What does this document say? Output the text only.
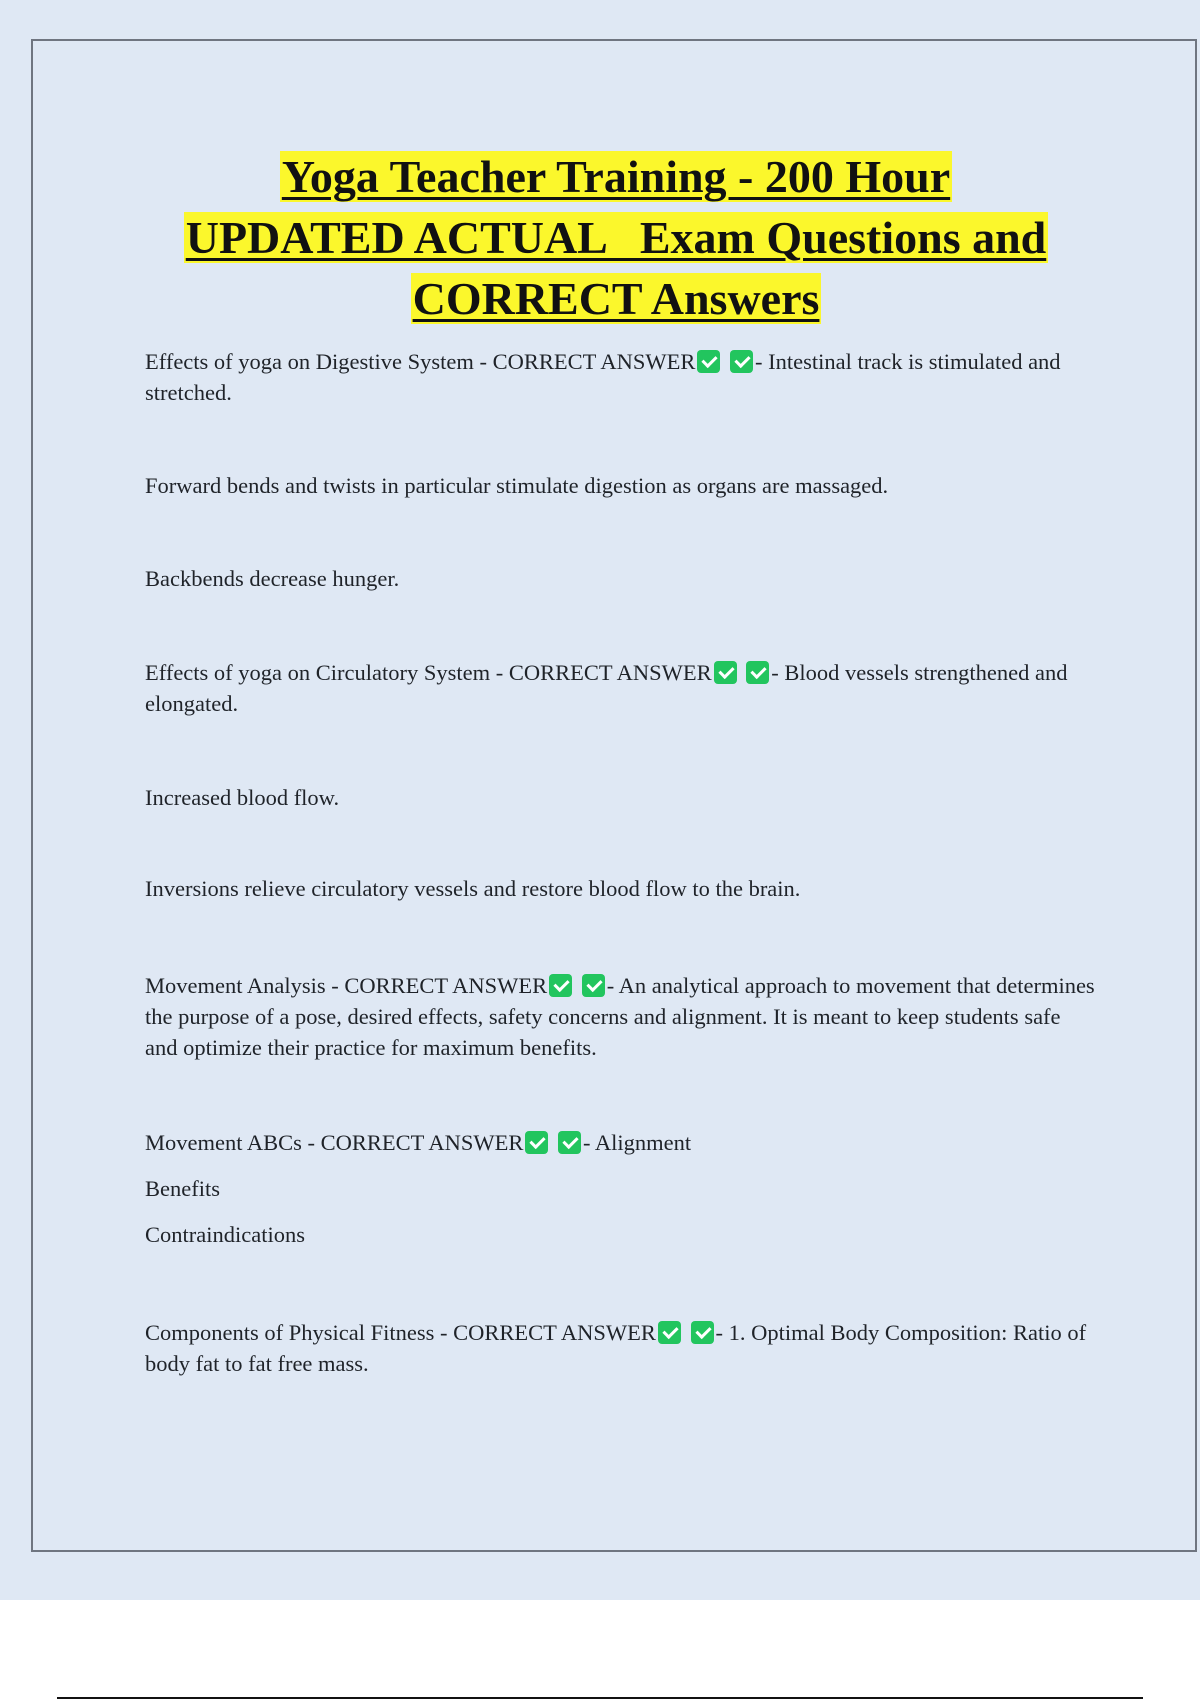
Yoga Teacher Training - 200 Hour
UPDATED ACTUAL   Exam Questions and
CORRECT Answers
Effects of yoga on Digestive System - CORRECT ANSWER	- Intestinal track is stimulated and stretched.
Forward bends and twists in particular stimulate digestion as organs are massaged.
Backbends decrease hunger.
Effects of yoga on Circulatory System - CORRECT ANSWER	- Blood vessels strengthened and elongated.
Increased blood flow.
Inversions relieve circulatory vessels and restore blood flow to the brain.
Movement Analysis - CORRECT ANSWER	- An analytical approach to movement that determines the purpose of a pose, desired effects, safety concerns and alignment. It is meant to keep students safe and optimize their practice for maximum benefits.
Movement ABCs - CORRECT ANSWER	- Alignment
Benefits
Contraindications
Components of Physical Fitness - CORRECT ANSWER	- 1. Optimal Body Composition: Ratio of body fat to fat free mass.
